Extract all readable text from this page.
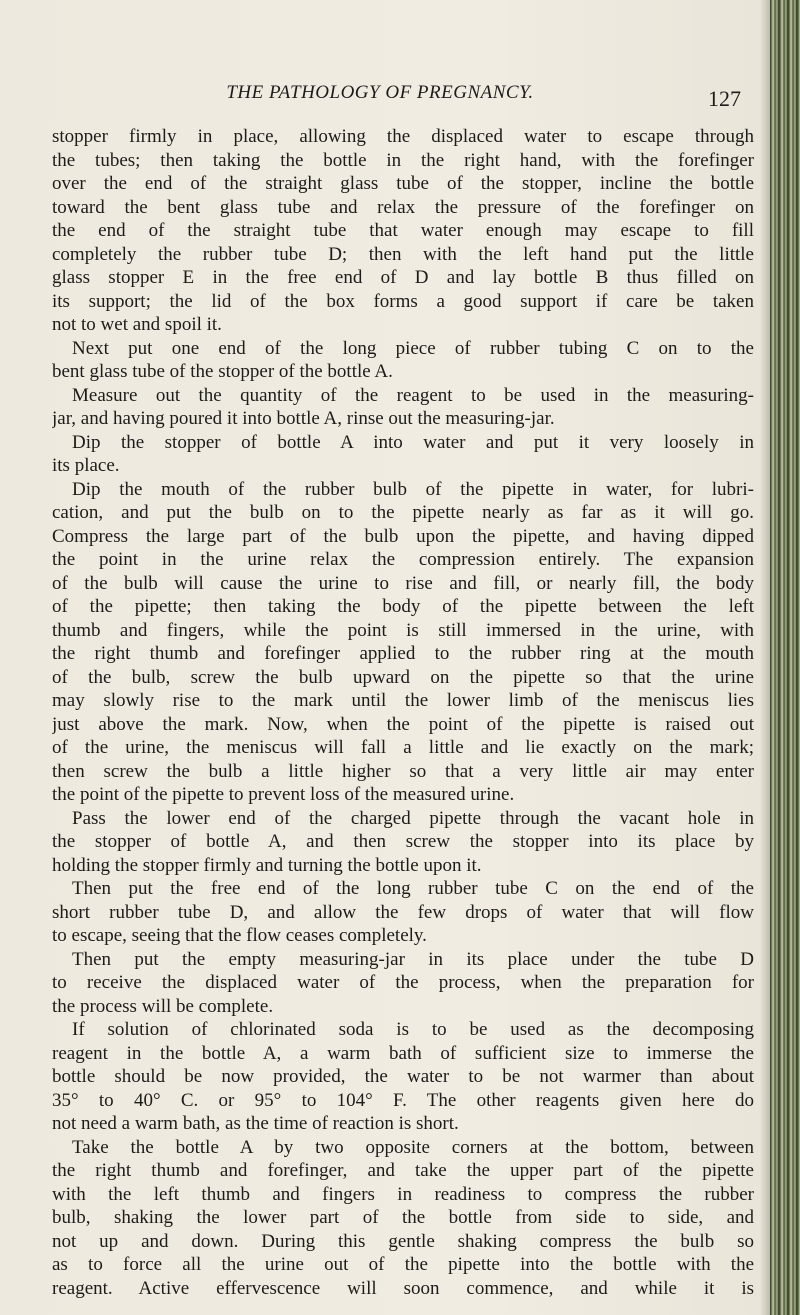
THE PATHOLOGY OF PREGNANCY.	127
stopper firmly in place, allowing the displaced water to escape through
the tubes; then taking the bottle in the right hand, with the forefinger
over the end of the straight glass tube of the stopper, incline the bottle
toward the bent glass tube and relax the pressure of the forefinger on
the end of the straight tube that water enough may escape to fill
completely the rubber tube D; then with the left hand put the little
glass stopper E in the free end of D and lay bottle B thus filled on
its support; the lid of the box forms a good support if care be taken
not to wet and spoil it.
Next put one end of the long piece of rubber tubing C on to the
bent glass tube of the stopper of the bottle A.
Measure out the quantity of the reagent to be used in the measuring-
jar, and having poured it into bottle A, rinse out the measuring-jar.
Dip the stopper of bottle A into water and put it very loosely in
its place.
Dip the mouth of the rubber bulb of the pipette in water, for lubri-
cation, and put the bulb on to the pipette nearly as far as it will go.
Compress the large part of the bulb upon the pipette, and having dipped
the point in the urine relax the compression entirely. The expansion
of the bulb will cause the urine to rise and fill, or nearly fill, the body
of the pipette; then taking the body of the pipette between the left
thumb and fingers, while the point is still immersed in the urine, with
the right thumb and forefinger applied to the rubber ring at the mouth
of the bulb, screw the bulb upward on the pipette so that the urine
may slowly rise to the mark until the lower limb of the meniscus lies
just above the mark. Now, when the point of the pipette is raised out
of the urine, the meniscus will fall a little and lie exactly on the mark;
then screw the bulb a little higher so that a very little air may enter
the point of the pipette to prevent loss of the measured urine.
Pass the lower end of the charged pipette through the vacant hole in
the stopper of bottle A, and then screw the stopper into its place by
holding the stopper firmly and turning the bottle upon it.
Then put the free end of the long rubber tube C on the end of the
short rubber tube D, and allow the few drops of water that will flow
to escape, seeing that the flow ceases completely.
Then put the empty measuring-jar in its place under the tube D
to receive the displaced water of the process, when the preparation for
the process will be complete.
If solution of chlorinated soda is to be used as the decomposing
reagent in the bottle A, a warm bath of sufficient size to immerse the
bottle should be now provided, the water to be not warmer than about
35° to 40° C. or 95° to 104° F. The other reagents given here do
not need a warm bath, as the time of reaction is short.
Take the bottle A by two opposite corners at the bottom, between
the right thumb and forefinger, and take the upper part of the pipette
with the left thumb and fingers in readiness to compress the rubber
bulb, shaking the lower part of the bottle from side to side, and
not up and down. During this gentle shaking compress the bulb so
as to force all the urine out of the pipette into the bottle with the
reagent. Active effervescence will soon commence, and while it is
